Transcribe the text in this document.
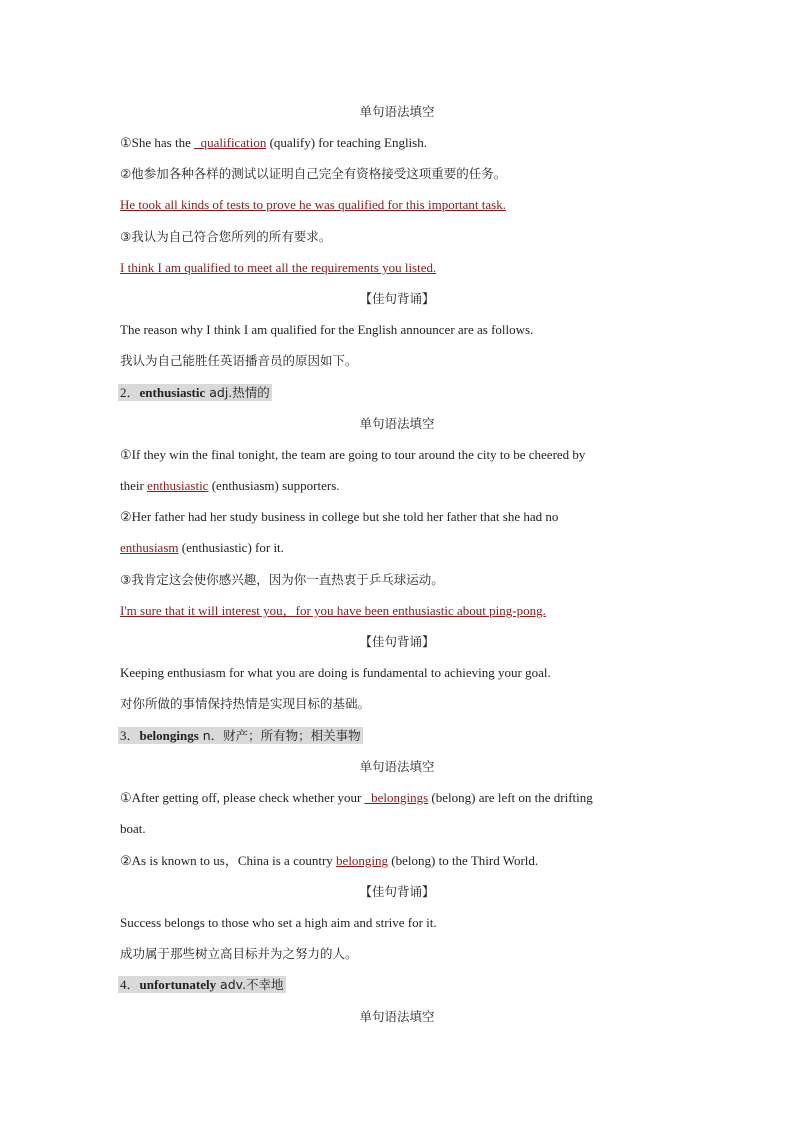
单句语法填空
①She has the _qualification (qualify) for teaching English.
②他参加各种各样的测试以证明自己完全有资格接受这项重要的任务。
He took all kinds of tests to prove he was qualified for this important task.
③我认为自己符合您所列的所有要求。
I think I am qualified to meet all the requirements you listed.
【佳句背诵】
The reason why I think I am qualified for the English announcer are as follows.
我认为自己能胜任英语播音员的原因如下。
2．enthusiastic adj.热情的
单句语法填空
①If they win the final tonight, the team are going to tour around the city to be cheered by
their enthusiastic (enthusiasm) supporters.
②Her father had her study business in college but she told her father that she had no
enthusiasm (enthusiastic) for it.
③我肯定这会使你感兴趣，因为你一直热衷于乒乓球运动。
I'm sure that it will interest you，for you have been enthusiastic about ping-pong.
【佳句背诵】
Keeping enthusiasm for what you are doing is fundamental to achieving your goal.
对你所做的事情保持热情是实现目标的基础。
3．belongings n．财产；所有物；相关事物
单句语法填空
①After getting off, please check whether your _belongings (belong) are left on the drifting
boat.
②As is known to us，China is a country belonging (belong) to the Third World.
【佳句背诵】
Success belongs to those who set a high aim and strive for it.
成功属于那些树立高目标并为之努力的人。
4．unfortunately adv.不幸地
单句语法填空
